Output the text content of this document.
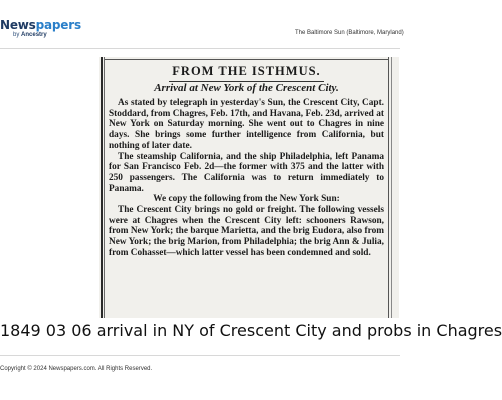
Newspapers
by Ancestry	The Baltimore Sun (Baltimore, Maryland)
FROM THE ISTHMUS.
Arrival at New York of the Crescent City.

As stated by telegraph in yesterday's Sun, the Crescent City, Capt. Stoddard, from Chagres, Feb. 17th, and Havana, Feb. 23d, arrived at New York on Saturday morning. She went out to Chagres in nine days. She brings some further intelligence from California, but nothing of later date.

The steamship California, and the ship Philadelphia, left Panama for San Francisco Feb. 2d—the former with 375 and the latter with 250 passengers. The California was to return immediately to Panama.

We copy the following from the New York Sun:

The Crescent City brings no gold or freight. The following vessels were at Chagres when the Crescent City left: schooners Rawson, from New York; the barque Marietta, and the brig Eudora, also from New York; the brig Marion, from Philadelphia; the brig Ann & Julia, from Cohasset—which latter vessel has been condemned and sold.

1849 03 06 arrival in NY of Crescent City and probs in Chagres
Copyright © 2024 Newspapers.com. All Rights Reserved.
